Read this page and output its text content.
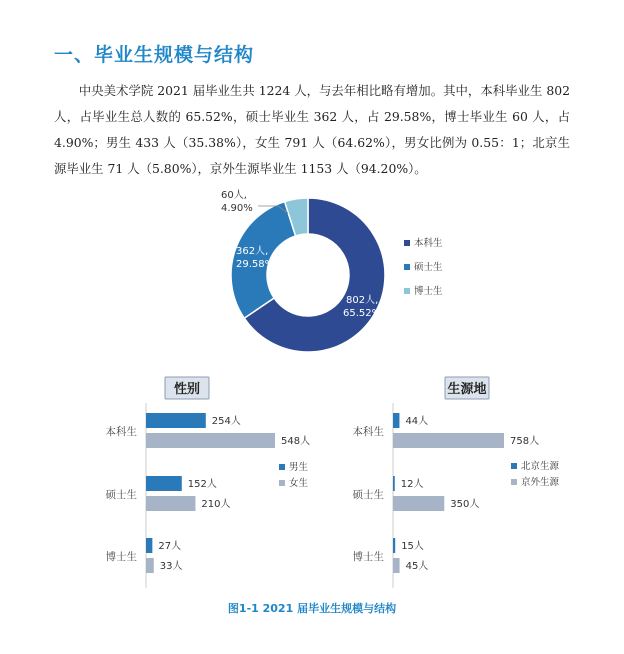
一、毕业生规模与结构
中央美术学院 2021 届毕业生共 1224 人，与去年相比略有增加。其中，本科毕业生 802 人，占毕业生总人数的 65.52%，硕士毕业生 362 人，占 29.58%，博士毕业生 60 人，占 4.90%；男生 433 人（35.38%），女生 791 人（64.62%），男女比例为 0.55：1；北京生源毕业生 71 人（5.80%），京外生源毕业生 1153 人（94.20%）。
802人,
65.52%
362人,
29.58%
60人,
4.90%
本科生
硕士生
博士生
性别
本科生
254人
548人
硕士生
152人
210人
博士生
27人
33人
男生
女生
生源地
本科生
44人
758人
硕士生
12人
350人
博士生
15人
45人
北京生源
京外生源
图1-1 2021 届毕业生规模与结构
